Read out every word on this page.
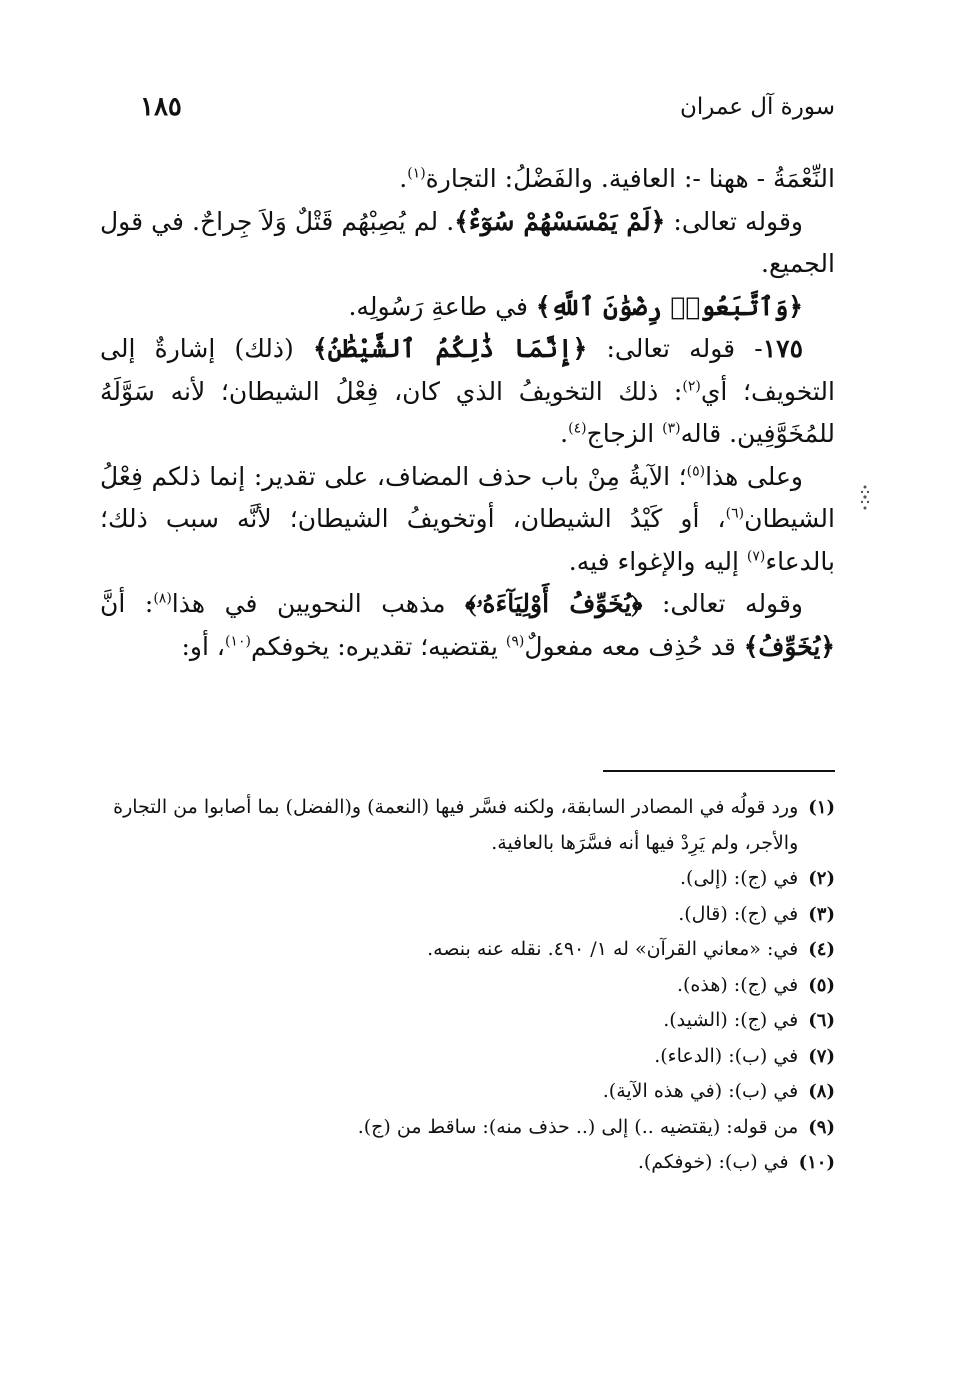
١٨٥	سورة آل عمران

النِّعْمَةُ - ههنا -: العافية. والفَضْلُ: التجارة$^{(١)}$.

وقوله تعالى: ﴿لَمْ يَمْسَسْهُمْ سُوٓءٌ﴾. لم يُصِبْهُم قَتْلٌ وَلاَ جِراحٌ. في قول الجميع.

﴿وَٱتَّبَعُوا۟ رِضْوَٰنَ ٱللَّهِ﴾ في طاعةِ رَسُولِه.

١٧٥- قوله تعالى: ﴿إِنَّمَا ذَٰلِكُمُ ٱلشَّيْطَٰنُ﴾ (ذلك) إشارةٌ إلى التخويف؛ أي$^{(٢)}$: ذلك التخويفُ الذي كان، فِعْلُ الشيطان؛ لأنه سَوَّلَهُ للمُخَوَّفِين. قاله$^{(٣)}$ الزجاج$^{(٤)}$.

وعلى هذا$^{(٥)}$؛ الآيةُ مِنْ باب حذف المضاف، على تقدير: إنما ذلكم فِعْلُ الشيطان$^{(٦)}$، أو كَيْدُ الشيطان، أوتخويفُ الشيطان؛ لأنَّه سبب ذلك؛ بالدعاء$^{(٧)}$ إليه والإغواء فيه.

وقوله تعالى: ﴿يُخَوِّفُ أَوْلِيَآءَهُۥ﴾ مذهب النحويين في هذا$^{(٨)}$: أنَّ ﴿يُخَوِّفُ﴾ قد حُذِف معه مفعولٌ$^{(٩)}$ يقتضيه؛ تقديره: يخوفكم$^{(١٠)}$، أو:

(١)
ورد قولُه في المصادر السابقة، ولكنه فسَّر فيها (النعمة) و(الفضل) بما أصابوا من التجارة والأجر، ولم يَرِدْ فيها أنه فسَّرَها بالعافية.
(٢)
في (ج): (إلى).
(٣)
في (ج): (قال).
(٤)
في: «معاني القرآن» له ١/ ٤٩٠. نقله عنه بنصه.
(٥)
في (ج): (هذه).
(٦)
في (ج): (الشيد).
(٧)
في (ب): (الدعاء).
(٨)
في (ب): (في هذه الآية).
(٩)
من قوله: (يقتضيه ..) إلى (.. حذف منه): ساقط من (ج).
(١٠)
في (ب): (خوفكم).
